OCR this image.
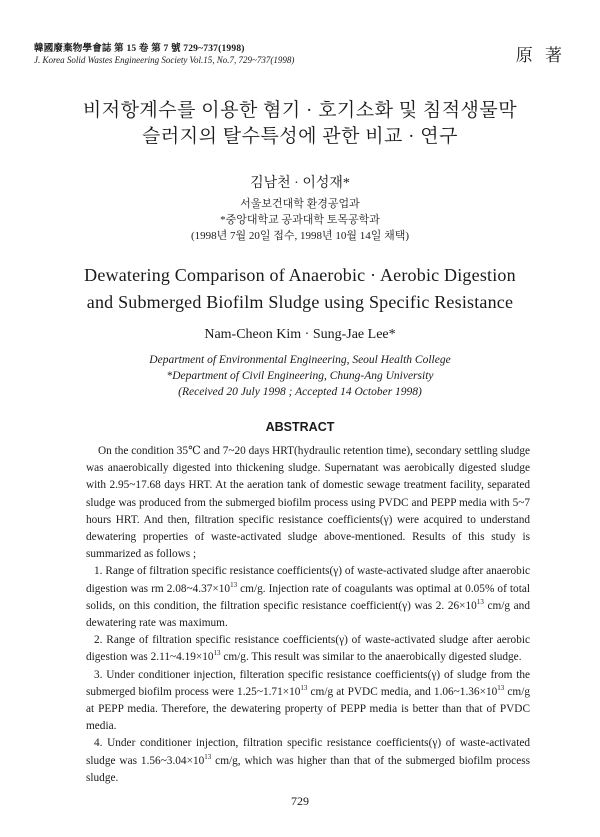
韓國廢棄物學會誌 第 15 卷 第 7 號 729~737(1998)
J. Korea Solid Wastes Engineering Society Vol.15, No.7, 729~737(1998)	原 著
비저항계수를 이용한 혐기 · 호기소화 및 침적생물막
슬러지의 탈수특성에 관한 비교 · 연구
김남천 · 이성재*
서울보건대학 환경공업과
*중앙대학교 공과대학 토목공학과
(1998년 7월 20일 접수, 1998년 10월 14일 채택)
Dewatering Comparison of Anaerobic · Aerobic Digestion
and Submerged Biofilm Sludge using Specific Resistance
Nam-Cheon Kim · Sung-Jae Lee*
Department of Environmental Engineering, Seoul Health College
*Department of Civil Engineering, Chung-Ang University
(Received 20 July 1998 ; Accepted 14 October 1998)
ABSTRACT

On the condition 35℃ and 7~20 days HRT(hydraulic retention time), secondary settling sludge was anaerobically digested into thickening sludge. Supernatant was aerobically digested sludge with 2.95~17.68 days HRT. At the aeration tank of domestic sewage treatment facility, separated sludge was produced from the submerged biofilm process using PVDC and PEPP media with 5~7 hours HRT. And then, filtration specific resistance coefficients(γ) were acquired to understand dewatering properties of waste-activated sludge above-mentioned. Results of this study is summarized as follows ;

1. Range of filtration specific resistance coefficients(γ) of waste-activated sludge after anaerobic digestion was rm $2.08\sim 4.37\times 10^{13}$ cm/g. Injection rate of coagulants was optimal at 0.05% of total solids, on this condition, the filtration specific resistance coefficient(γ) was 2. $26\times 10^{13}$ cm/g and dewatering rate was maximum.

2. Range of filtration specific resistance coefficients(γ) of waste-activated sludge after aerobic digestion was $2.11\sim 4.19\times 10^{13}$ cm/g. This result was similar to the anaerobically digested sludge.

3. Under conditioner injection, filteration specific resistance coefficients(γ) of sludge from the submerged biofilm process were $1.25\sim 1.71\times 10^{13}$ cm/g at PVDC media, and $1.06\sim 1.36\times 10^{13}$ cm/g at PEPP media. Therefore, the dewatering property of PEPP media is better than that of PVDC media.

4. Under conditioner injection, filtration specific resistance coefficients(γ) of waste-activated sludge was $1.56\sim 3.04\times 10^{13}$ cm/g, which was higher than that of the submerged biofilm process sludge.

729
